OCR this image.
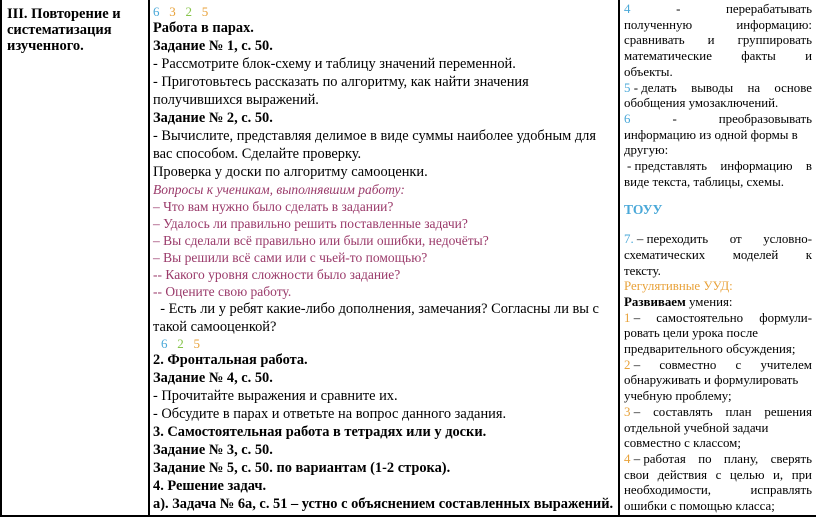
III. Повторение и систематизация изученного.

6 3 2 5
Работа в парах.
Задание № 1, с. 50.
- Рассмотрите блок-схему и таблицу значений переменной.
- Приготовьтесь рассказать по алгоритму, как найти значения получившихся выражений.
Задание № 2, с. 50.
- Вычислите, представляя делимое в виде суммы наиболее удобным для вас способом. Сделайте проверку.
Проверка у доски по алгоритму самооценки.
Вопросы к ученикам, выполнявшим работу:
– Что вам нужно было сделать в задании?
– Удалось ли правильно решить поставленные задачи?
– Вы сделали всё правильно или были ошибки, недочёты?
– Вы решили всё сами или с чьей-то помощью?
-- Какого уровня сложности было задание?
-- Оцените свою работу.
- Есть ли у ребят какие-либо дополнения, замечания? Согласны ли вы с такой самооценкой?
6 2 5
2. Фронтальная работа.
Задание № 4, с. 50.
- Прочитайте выражения и сравните их.
- Обсудите в парах и ответьте на вопрос данного задания.
3. Самостоятельная работа в тетрадях или у доски.
Задание № 3, с. 50.
Задание № 5, с. 50. по вариантам (1-2 строка).
4. Решение задач.
а). Задача № 6а, с. 51 – устно с объяснением составленных выражений.

4	-	перерабатывать
полученную	информацию:
сравнивать и группировать
математические факты и
объекты.
5 - делать выводы на основе
обобщения умозаключений.
6	-	преобразовывать
информацию из одной формы в другую:
- представлять информацию в
виде текста, таблицы, схемы.
ТОУУ
7. – переходить от условно-
схематических моделей к
тексту.
Регулятивные УУД:
Развиваем умения:
1 – самостоятельно формули-
ровать цели урока после предварительного обсуждения;
2 – совместно с учителем
обнаруживать и формулировать учебную проблему;
3 – составлять план решения
отдельной учебной задачи совместно с классом;
4 – работая по плану, сверять
свои действия с целью и, при
необходимости,	исправлять
ошибки с помощью класса;
